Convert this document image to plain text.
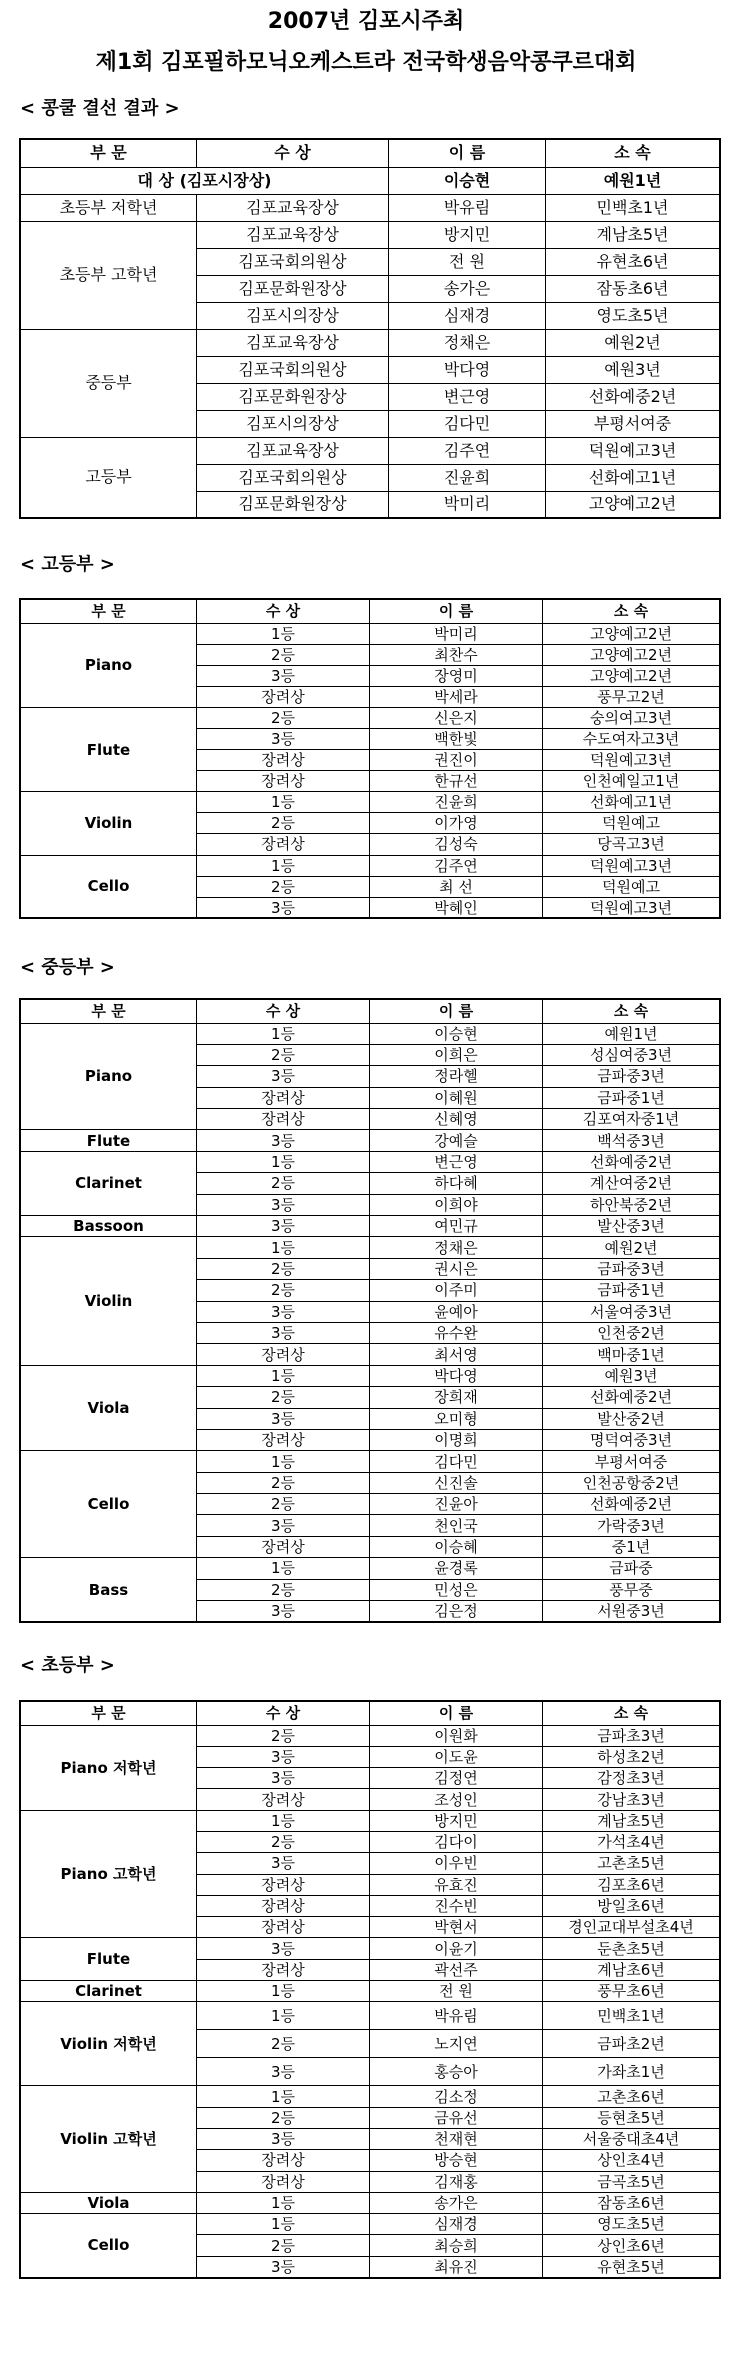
2007년 김포시주최
제1회 김포필하모닉오케스트라 전국학생음악콩쿠르대회
< 콩쿨 결선 결과 >
부 문	수 상	이 름	소 속
대 상 (김포시장상)		이승현	예원1년
초등부 저학년	김포교육장상	박유림	민백초1년
초등부 고학년	김포교육장상	방지민	계남초5년
	김포국회의원상	전 원	유현초6년
	김포문화원장상	송가은	잠동초6년
	김포시의장상	심재경	영도초5년
중등부	김포교육장상	정채은	예원2년
	김포국회의원상	박다영	예원3년
	김포문화원장상	변근영	선화예중2년
	김포시의장상	김다민	부평서여중
고등부	김포교육장상	김주연	덕원예고3년
	김포국회의원상	진윤희	선화예고1년
	김포문화원장상	박미리	고양예고2년
< 고등부 >
부 문	수 상	이 름	소 속
Piano	1등	박미리	고양예고2년
	2등	최찬수	고양예고2년
	3등	장영미	고양예고2년
	장려상	박세라	풍무고2년
Flute	2등	신은지	숭의여고3년
	3등	백한빛	수도여자고3년
	장려상	권진이	덕원예고3년
	장려상	한규선	인천예일고1년
Violin	1등	진윤희	선화예고1년
	2등	이가영	덕원예고
	장려상	김성숙	당곡고3년
Cello	1등	김주연	덕원예고3년
	2등	최 선	덕원예고
	3등	박혜인	덕원예고3년
< 중등부 >
부 문	수 상	이 름	소 속
Piano	1등	이승현	예원1년
	2등	이희은	성심여중3년
	3등	정라헬	금파중3년
	장려상	이혜원	금파중1년
	장려상	신혜영	김포여자중1년
Flute	3등	강예슬	백석중3년
Clarinet	1등	변근영	선화예중2년
	2등	하다혜	계산여중2년
	3등	이희야	하안북중2년
Bassoon	3등	여민규	발산중3년
Violin	1등	정채은	예원2년
	2등	권시은	금파중3년
	2등	이주미	금파중1년
	3등	윤예아	서울여중3년
	3등	유수완	인천중2년
	장려상	최서영	백마중1년
Viola	1등	박다영	예원3년
	2등	장희재	선화예중2년
	3등	오미형	발산중2년
	장려상	이명희	명덕여중3년
Cello	1등	김다민	부평서여중
	2등	신진솔	인천공항중2년
	2등	진윤아	선화예중2년
	3등	천인국	가락중3년
	장려상	이승혜	중1년
Bass	1등	윤경록	금파중
	2등	민성은	풍무중
	3등	김은정	서원중3년
< 초등부 >
부 문	수 상	이 름	소 속
Piano 저학년	2등	이원화	금파초3년
	3등	이도윤	하성초2년
	3등	김정연	감정초3년
	장려상	조성인	강남초3년
Piano 고학년	1등	방지민	계남초5년
	2등	김다이	가석초4년
	3등	이우빈	고촌초5년
	장려상	유효진	김포초6년
	장려상	진수빈	방일초6년
	장려상	박현서	경인교대부설초4년
Flute	3등	이윤기	둔촌초5년
	장려상	곽선주	계남초6년
Clarinet	1등	전 원	풍무초6년
Violin 저학년	1등	박유림	민백초1년
	2등	노지연	금파초2년
	3등	홍승아	가좌초1년
Violin 고학년	1등	김소정	고촌초6년
	2등	금유선	등현초5년
	3등	천재현	서울중대초4년
	장려상	방승현	상인초4년
	장려상	김재홍	금곡초5년
Viola	1등	송가은	잠동초6년
Cello	1등	심재경	영도초5년
	2등	최승희	상인초6년
	3등	최유진	유현초5년
